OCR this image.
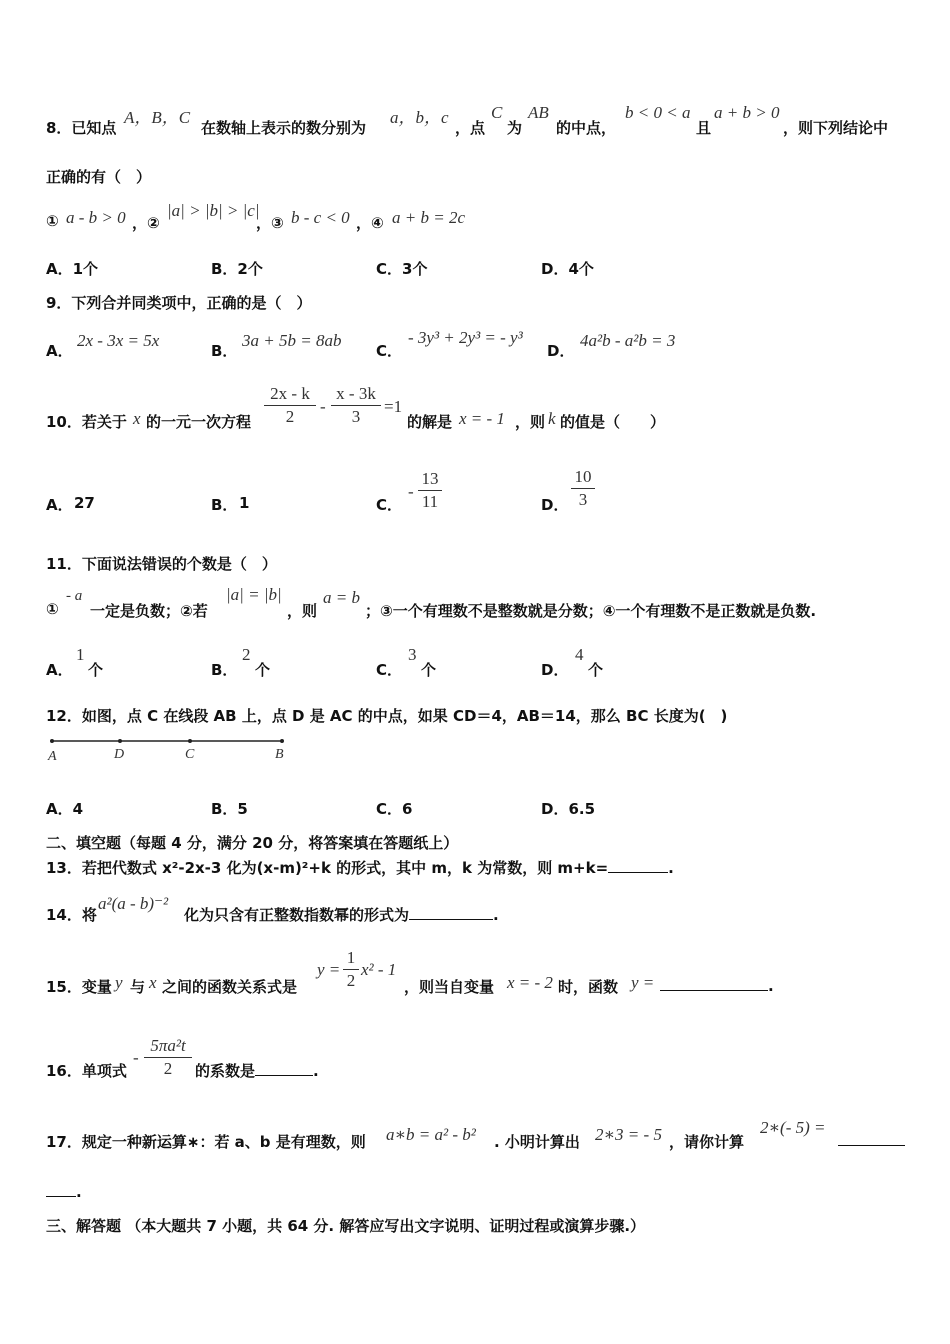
8．已知点
A，B，C
在数轴上表示的数分别为
a，b，c
，点
C
为
AB
的中点，
b < 0 < a
且
a + b > 0
，则下列结论中
正确的有（　）
① a - b > 0 ，②
|a| > |b| > |c|
，③ b - c < 0 ，④ a + b = 2c
A．1个	B．2个	C．3个	D．4个
9．下列合并同类项中，正确的是（　）
A．
2x - 3x = 5x
B．
3a + 5b = 8ab
C．
- 3y³ + 2y³ = - y³
D．
4a²b - a²b = 3
10．若关于 x 的一元一次方程 $\frac{2x - k}{2} - \frac{x - 3k}{3} =1$
的解是 x = - 1 ，则 k 的值是（　　）
A． 27	B． 1	C．
- $\frac{13}{11}$	D． $\frac{10}{3}$
11．下面说法错误的个数是（　）
①
- a
一定是负数；②若
|a| = |b|
，则
a = b
；③一个有理数不是整数就是分数；④一个有理数不是正数就是负数.
A．
1
个	B．
2
个	C．
3
个	D．
4
个
12．如图，点 C 在线段 AB 上，点 D 是 AC 的中点，如果 CD＝4，AB＝14，那么 BC 长度为(　)
A	D	C	B
A．4	B．5	C．6	D．6.5
二、填空题（每题 4 分，满分 20 分，将答案填在答题纸上）
13．若把代数式 x²-2x-3 化为(x-m)²+k 的形式，其中 m，k 为常数，则 m+k=	.
14．将
a²(a - b)⁻²
化为只含有正整数指数幂的形式为	.
15．变量 y 与 x 之间的函数关系式是
$y = \frac{1}{2} x^2 - 1$
，则当自变量 x = - 2 时，函数 y =	.
16．单项式
- $\frac{\text{5πa²t}}{2}$ 的系数是	.
17．规定一种新运算∗：若 a、b 是有理数，则 a∗b = a² - b² . 小明计算出 2∗3 = - 5 ，请你计算
2∗(- 5) =
.
三、解答题 （本大题共 7 小题，共 64 分. 解答应写出文字说明、证明过程或演算步骤.）
